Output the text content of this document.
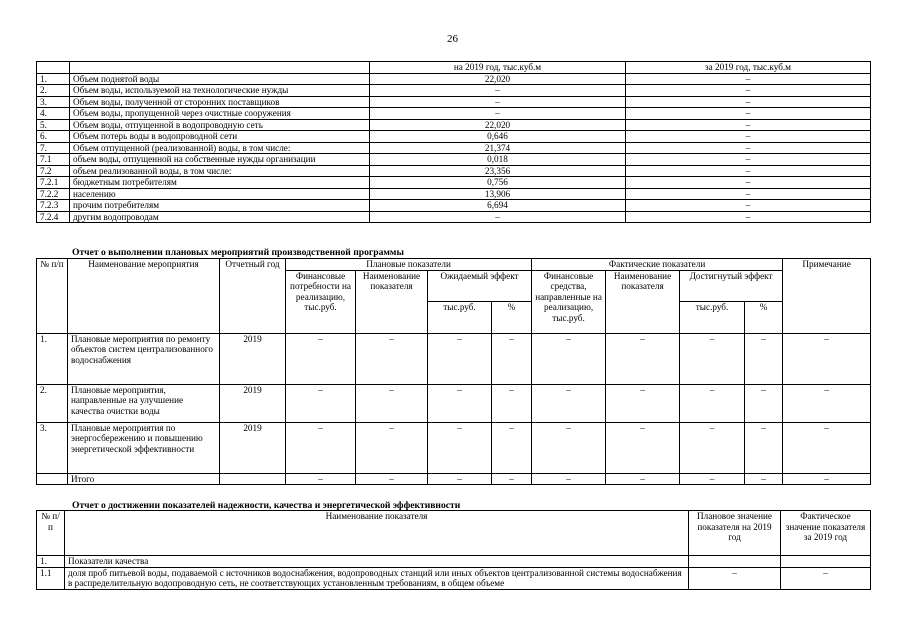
26
		на 2019 год, тыс.куб.м	за 2019 год, тыс.куб.м
1.	Объем поднятой воды	22,020	–
2.	Объем воды, используемой на технологические нужды	–	–
3.	Объем воды, полученной от сторонних поставщиков	–	–
4.	Объем воды, пропущенной через очистные сооружения	–	–
5.	Объем воды, отпущенной в водопроводную сеть	22,020	–
6.	Объем потерь воды в водопроводной сети	0,646	–
7.	Объем отпущенной (реализованной) воды, в том числе:	21,374	–
7.1	объем воды, отпущенной на собственные нужды организации	0,018	–
7.2	объем реализованной воды, в том числе:	23,356	–
7.2.1	бюджетным потребителям	0,756	–
7.2.2	населению	13,906	–
7.2.3	прочим потребителям	6,694	–
7.2.4	другим водопроводам	–	–
Отчет о выполнении плановых мероприятий производственной программы
№ п/п	Наименование мероприятия	Отчетный год	Плановые показатели				Фактические показатели				Примечание
			Финансовые потребности на реализацию, тыс.руб.	Наименование показателя	Ожидаемый эффект		Финансовые средства, направленные на реализацию, тыс.руб.	Наименование показателя	Достигнутый эффект		
					тыс.руб.	%			тыс.руб.	%	
1.	Плановые мероприятия по ремонту объектов систем централизованного водоснабжения	2019	–	–	–	–	–	–	–	–	–
2.	Плановые мероприятия, направленные на улучшение качества очистки воды	2019	–	–	–	–	–	–	–	–	–
3.	Плановые мероприятия по энергосбережению и повышению энергетической эффективности	2019	–	–	–	–	–	–	–	–	–
	Итого		–	–	–	–	–	–	–	–	–
Отчет о достижении показателей надежности, качества и энергетической эффективности
№ п/п	Наименование показателя	Плановое значение показателя на 2019 год	Фактическое значение показателя за 2019 год
1.	Показатели качества		
1.1	доля проб питьевой воды, подаваемой с источников водоснабжения, водопроводных станций или иных объектов централизованной системы водоснабжения в распределительную водопроводную сеть, не соответствующих установленным требованиям, в общем объеме	–	–
